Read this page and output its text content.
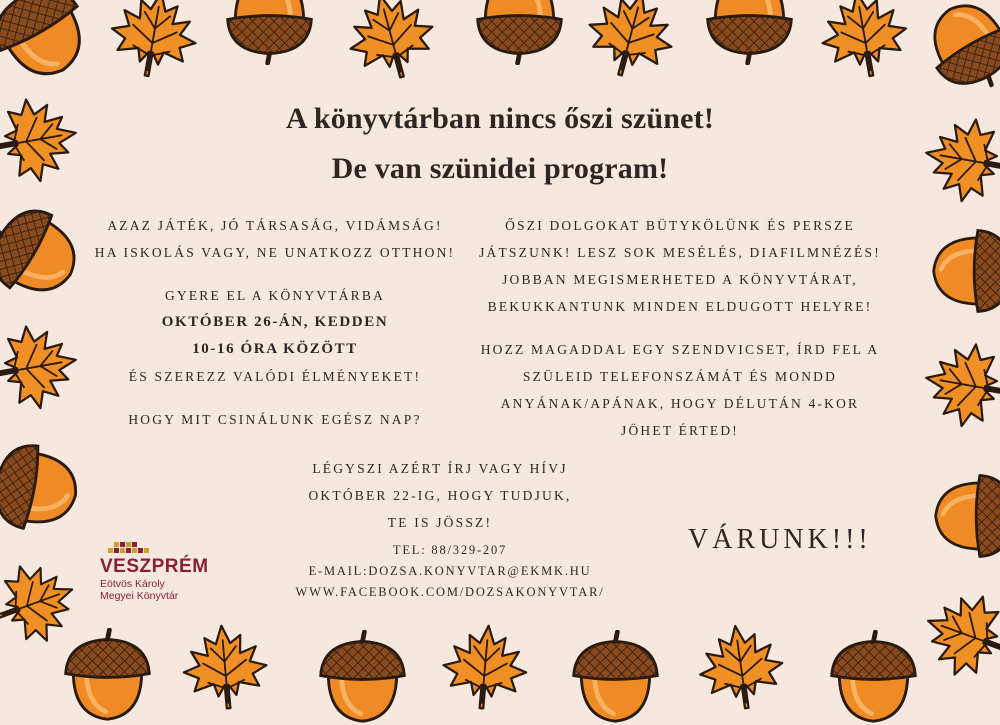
A könyvtárban nincs őszi szünet!
De van szünidei program!
AZAZ JÁTÉK, JÓ TÁRSASÁG, VIDÁMSÁG!
HA ISKOLÁS VAGY, NE UNATKOZZ OTTHON!
GYERE EL A KÖNYVTÁRBA
OKTÓBER 26-ÁN, KEDDEN
10-16 ÓRA KÖZÖTT
ÉS SZEREZZ VALÓDI ÉLMÉNYEKET!
HOGY MIT CSINÁLUNK EGÉSZ NAP?
ŐSZI DOLGOKAT BÜTYKÖLÜNK ÉS PERSZE
JÁTSZUNK! LESZ SOK MESÉLÉS, DIAFILMNÉZÉS!
JOBBAN MEGISMERHETED A KÖNYVTÁRAT,
BEKUKKANTUNK MINDEN ELDUGOTT HELYRE!
HOZZ MAGADDAL EGY SZENDVICSET, ÍRD FEL A
SZÜLEID TELEFONSZÁMÁT ÉS MONDD
ANYÁNAK/APÁNAK, HOGY DÉLUTÁN 4-KOR
JÖHET ÉRTED!
LÉGYSZI AZÉRT ÍRJ VAGY HÍVJ
OKTÓBER 22-IG, HOGY TUDJUK,
TE IS JÖSSZ!
TEL: 88/329-207
E-MAIL:DOZSA.KONYVTAR@EKMK.HU
WWW.FACEBOOK.COM/DOZSAKONYVTAR/
VÁRUNK!!!
VESZPRÉM
Eötvös Károly
Megyei Könyvtár
